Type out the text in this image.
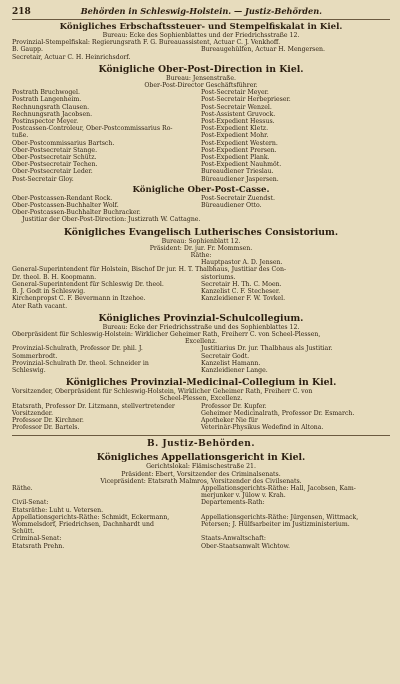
218	Behörden in Schleswig-Holstein. — Justiz-Behörden.
Königliches Erbschaftssteuer- und Stempelfiskalat in Kiel.
Bureau: Ecke des Sophienblattes und der Friedrichsstraße 12.
Provinzial-Stempelfiskal: Regierungsrath F. G. Bureauassistent, Actuar C. J. Venkhoff.
B. Gaupp.	Bureaugehülfen, Actuar H. Mengersen.
Secretair, Actuar C. H. Heinrichsdorf.
Königliche Ober-Post-Direction in Kiel.
Bureau: Jensenstraße.
Ober-Post-Director Geschäftsführer.
Postrath Bruchwogel.	Post-Secretair Meyer.
Postrath Langenheim.	Post-Secretair Herbeprieser.
Rechnungsrath Clausen.	Post-Secretair Wenzel.
Rechnungsrath Jacobsen.	Post-Assistent Gruvock.
Postinspector Meyer.	Post-Expedient Hessus.
Postcassen-Controleur, Ober-Postcommissarius Ro-	Post-Expedient Kletz.
tuße.	Post-Expedient Mohr.
Ober-Postcommissarius Bartsch.	Post-Expedient Western.
Ober-Postsecretair Stange.	Post-Expedient Prersen.
Ober-Postsecretair Schütz.	Post-Expedient Plank.
Ober-Postsecretair Techen.	Post-Expedient Nauhmöt.
Ober-Postsecretair Leder.	Bureaudiener Trieslau.
Post-Secretair Gloy.	Büreaudiener Jaspersen.
Königliche Ober-Post-Casse.
Ober-Postcassen-Rendant Rock.	Post-Secretair Zuendst.
Ober-Postcassen-Buchhalter Wolf.	Büreaudiener Otto.
Ober-Postcassen-Buchhalter Buchracker.
Justitiar der Ober-Post-Direction: Justizrath W. Cattagne.
Königliches Evangelisch Lutherisches Consistorium.
Bureau: Sophienblatt 12.
Präsident: Dr. jur. Fr. Mommsen.
Räthe:
Hauptpastor A. D. Jensen.
General-Superintendent für Holstein, Bischof Dr jur. H. T. Thalbhaus, Justitiar des Con-
Dr. theol. B. H. Koopmann.	sistoriums.
General-Superintendent für Schleswig Dr. theol.	Secretair H. Th. C. Moen.
B. J. Godt in Schleswig.	Kanzelist C. F. Stecheser.
Kirchenpropst C. F. Bevermann in Itzehoe.	Kanzleidiener F. W. Tovkel.
Ater Rath vacant.
Königliches Provinzial-Schulcollegium.
Bureau: Ecke der Friedrichsstraße und des Sophienblattes 12.
Oberpräsident für Schleswig-Holstein: Wirklicher Geheimer Rath, Freiherr C. von Scheel-Plessen,
Excellenz.
Provinzial-Schulrath, Professor Dr. phil. J.	Justitiarius Dr. jur. Thalbhaus als Justitiar.
Sommerbrodt.	Secretair Godt.
Provinzial-Schulrath Dr. theol. Schneider in	Kanzelist Hamann.
Schleswig.	Kanzleidiener Lange.
Königliches Provinzial-Medicinal-Collegium in Kiel.
Vorsitzender, Oberpräsident für Schleswig-Holstein, Wirklicher Geheimer Rath, Freiherr C. von
Scheel-Plessen, Excellenz.
Etatsrath, Professor Dr. Litzmann, stellvertretender	Professor Dr. Kupfer.
Vorsitzender.	Geheimer Medicinalrath, Professor Dr. Esmarch.
Professor Dr. Kirchner.	Apotheker Nie für
Professor Dr. Bartels.	Veterinär-Physikus Wedefind in Altona.
B. Justiz-Behörden.
Königliches Appellationsgericht in Kiel.
Gerichtslokal: Flämischestraße 21.
Präsident: Ebert, Vorsitzender des Criminalsenats.
Vicepräsident: Etatsrath Malmros, Vorsitzender des Civilsenats.
Räthe.	Appellationsgerichts-Räthe: Hall, Jacobsen, Kam-
merjunker v. Jülow v. Krah.
Civil-Senat:	Departements-Rath:
Etatsräthe: Luht u. Vetersen.
Appellationsgerichts-Räthe: Schmidt, Eckermann,	Appellationsgerichts-Räthe: Jürgensen, Wittmack,
Wommelsdorf, Friedrichsen, Dachnhardt und	Petersen; J. Hülfsarbeiter im Justizministerium.
Schütt.
Criminal-Senat:	Staats-Anwaltschaft:
Etatsrath Prehn.	Ober-Staatsanwalt Wichtow.
